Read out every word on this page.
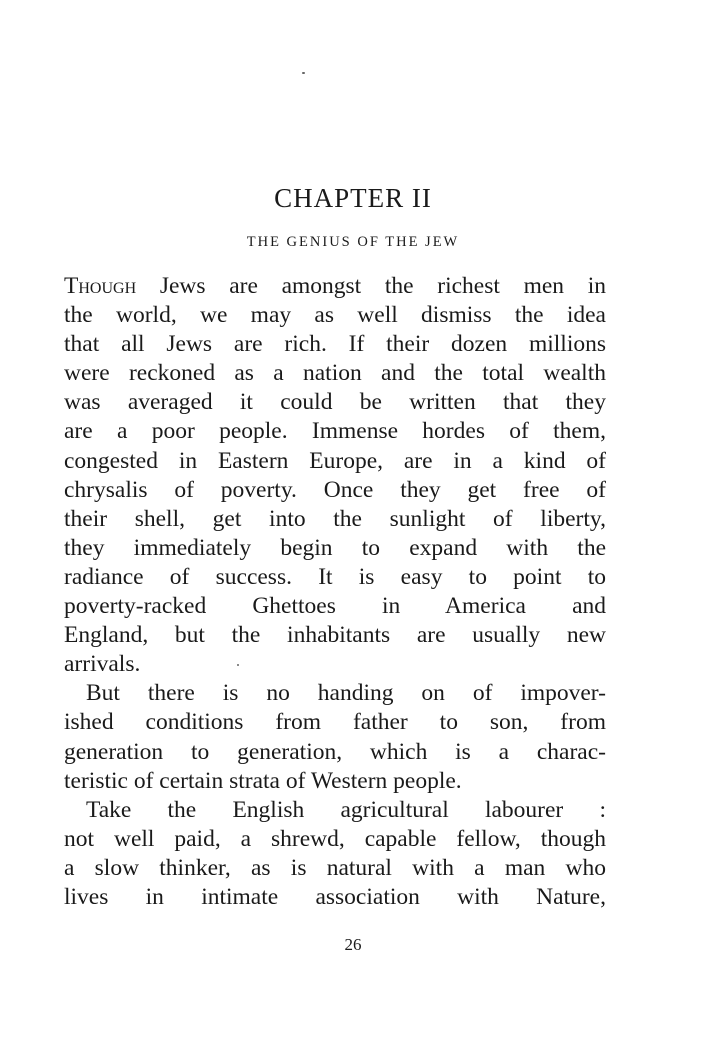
CHAPTER II
THE GENIUS OF THE JEW
Though Jews are amongst the richest men in
the world, we may as well dismiss the idea
that all Jews are rich. If their dozen millions
were reckoned as a nation and the total wealth
was averaged it could be written that they
are a poor people. Immense hordes of them,
congested in Eastern Europe, are in a kind of
chrysalis of poverty. Once they get free of
their shell, get into the sunlight of liberty,
they immediately begin to expand with the
radiance of success. It is easy to point to
poverty-racked Ghettoes in America and
England, but the inhabitants are usually new
arrivals.
But there is no handing on of impover-
ished conditions from father to son, from
generation to generation, which is a charac-
teristic of certain strata of Western people.
Take the English agricultural labourer :
not well paid, a shrewd, capable fellow, though
a slow thinker, as is natural with a man who
lives in intimate association with Nature,
26
